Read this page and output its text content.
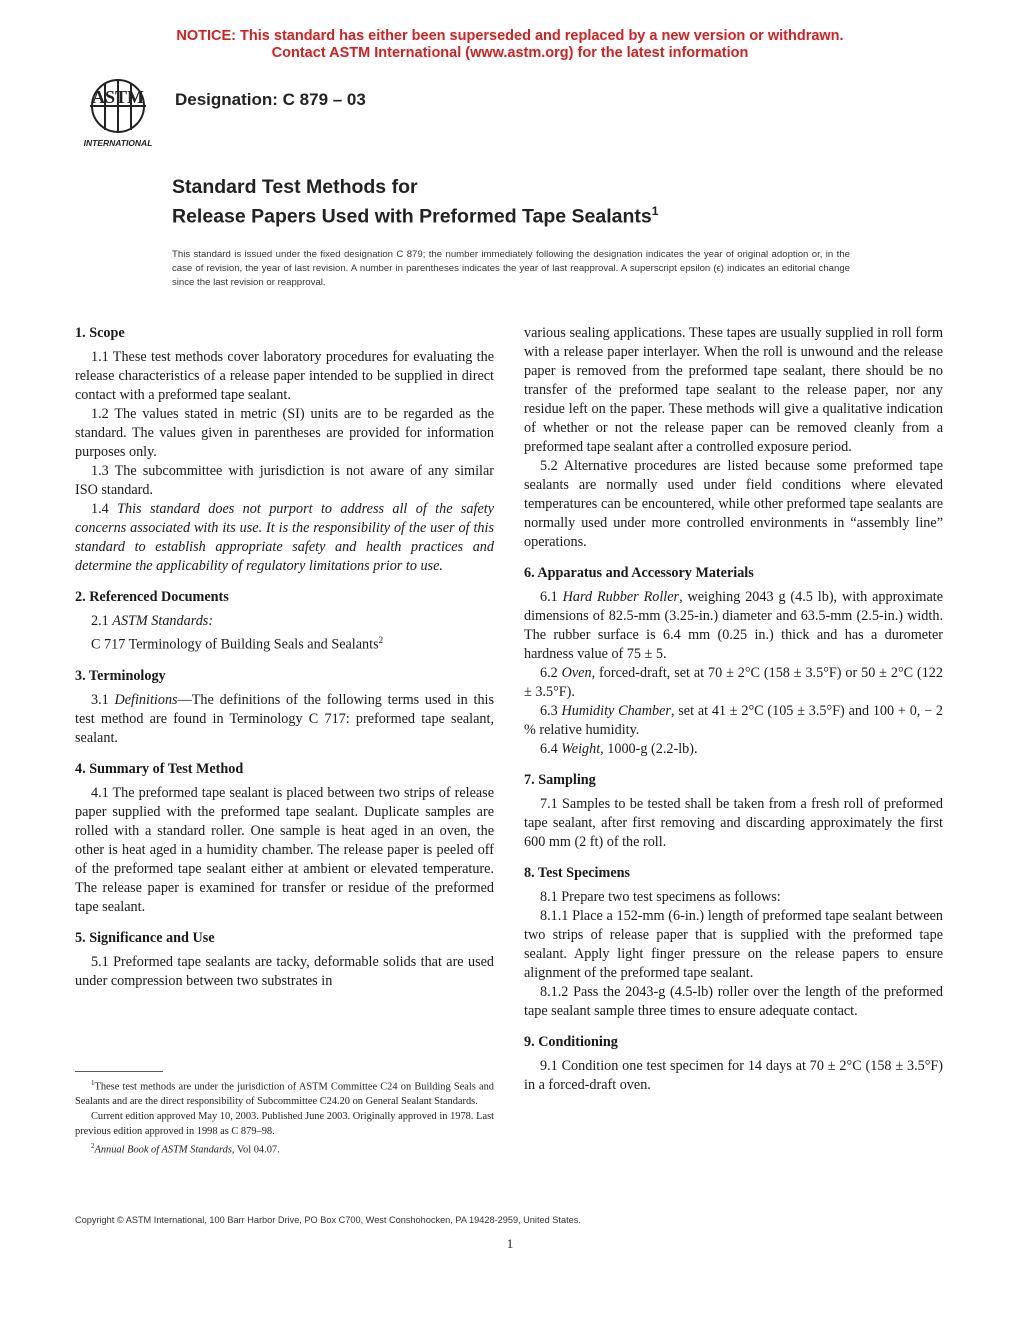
NOTICE: This standard has either been superseded and replaced by a new version or withdrawn.
Contact ASTM International (www.astm.org) for the latest information
ASTM
INTERNATIONAL
Designation: C 879 – 03
Standard Test Methods for
Release Papers Used with Preformed Tape Sealants$^1$
This standard is issued under the fixed designation C 879; the number immediately following the designation indicates the year of original adoption or, in the case of revision, the year of last revision. A number in parentheses indicates the year of last reapproval. A superscript epsilon (ϵ) indicates an editorial change since the last revision or reapproval.

1. Scope

1.1 These test methods cover laboratory procedures for evaluating the release characteristics of a release paper intended to be supplied in direct contact with a preformed tape sealant.

1.2 The values stated in metric (SI) units are to be regarded as the standard. The values given in parentheses are provided for information purposes only.

1.3 The subcommittee with jurisdiction is not aware of any similar ISO standard.

1.4 This standard does not purport to address all of the safety concerns associated with its use. It is the responsibility of the user of this standard to establish appropriate safety and health practices and determine the applicability of regulatory limitations prior to use.

2. Referenced Documents

2.1 ASTM Standards:

C 717 Terminology of Building Seals and Sealants$^2$

3. Terminology

3.1 Definitions—The definitions of the following terms used in this test method are found in Terminology C 717: preformed tape sealant, sealant.

4. Summary of Test Method

4.1 The preformed tape sealant is placed between two strips of release paper supplied with the preformed tape sealant. Duplicate samples are rolled with a standard roller. One sample is heat aged in an oven, the other is heat aged in a humidity chamber. The release paper is peeled off of the preformed tape sealant either at ambient or elevated temperature. The release paper is examined for transfer or residue of the preformed tape sealant.

5. Significance and Use

5.1 Preformed tape sealants are tacky, deformable solids that are used under compression between two substrates in

$^1$These test methods are under the jurisdiction of ASTM Committee C24 on Building Seals and Sealants and are the direct responsibility of Subcommittee C24.20 on General Sealant Standards.

Current edition approved May 10, 2003. Published June 2003. Originally approved in 1978. Last previous edition approved in 1998 as C 879–98.

$^2$Annual Book of ASTM Standards, Vol 04.07.

various sealing applications. These tapes are usually supplied in roll form with a release paper interlayer. When the roll is unwound and the release paper is removed from the preformed tape sealant, there should be no transfer of the preformed tape sealant to the release paper, nor any residue left on the paper. These methods will give a qualitative indication of whether or not the release paper can be removed cleanly from a preformed tape sealant after a controlled exposure period.

5.2 Alternative procedures are listed because some preformed tape sealants are normally used under field conditions where elevated temperatures can be encountered, while other preformed tape sealants are normally used under more controlled environments in “assembly line” operations.

6. Apparatus and Accessory Materials

6.1 Hard Rubber Roller, weighing 2043 g (4.5 lb), with approximate dimensions of 82.5-mm (3.25-in.) diameter and 63.5-mm (2.5-in.) width. The rubber surface is 6.4 mm (0.25 in.) thick and has a durometer hardness value of 75 ± 5.

6.2 Oven, forced-draft, set at 70 ± 2°C (158 ± 3.5°F) or 50 ± 2°C (122 ± 3.5°F).

6.3 Humidity Chamber, set at 41 ± 2°C (105 ± 3.5°F) and 100 + 0, − 2 % relative humidity.

6.4 Weight, 1000-g (2.2-lb).

7. Sampling

7.1 Samples to be tested shall be taken from a fresh roll of preformed tape sealant, after first removing and discarding approximately the first 600 mm (2 ft) of the roll.

8. Test Specimens

8.1 Prepare two test specimens as follows:

8.1.1 Place a 152-mm (6-in.) length of preformed tape sealant between two strips of release paper that is supplied with the preformed tape sealant. Apply light finger pressure on the release papers to ensure alignment of the preformed tape sealant.

8.1.2 Pass the 2043-g (4.5-lb) roller over the length of the preformed tape sealant sample three times to ensure adequate contact.

9. Conditioning

9.1 Condition one test specimen for 14 days at 70 ± 2°C (158 ± 3.5°F) in a forced-draft oven.

Copyright © ASTM International, 100 Barr Harbor Drive, PO Box C700, West Conshohocken, PA 19428-2959, United States.
1
